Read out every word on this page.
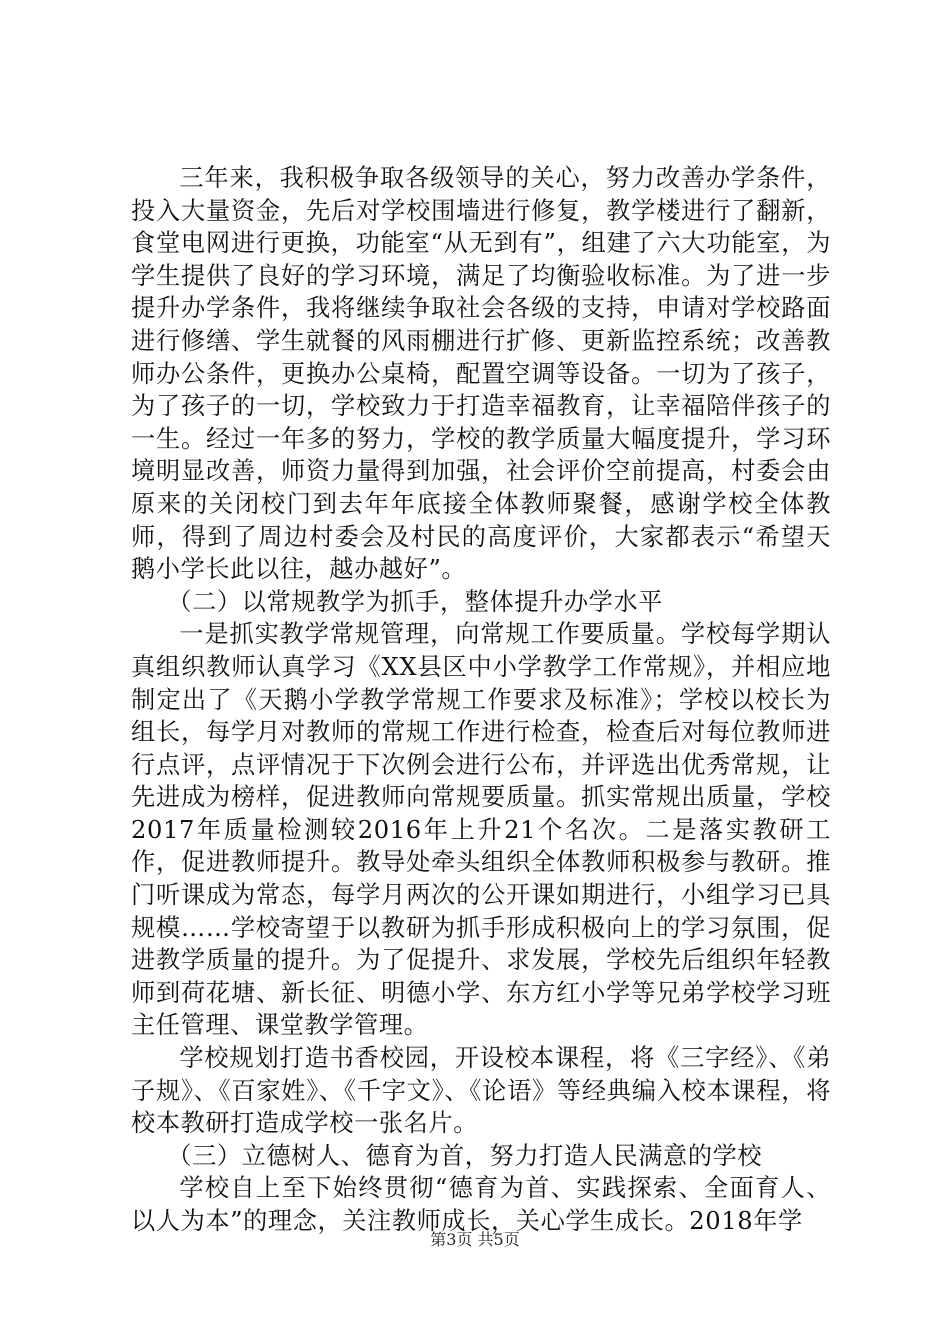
三年来，我积极争取各级领导的关心，努力改善办学条件，投入大量资金，先后对学校围墙进行修复，教学楼进行了翻新，食堂电网进行更换，功能室“从无到有”，组建了六大功能室，为学生提供了良好的学习环境，满足了均衡验收标准。为了进一步提升办学条件，我将继续争取社会各级的支持，申请对学校路面进行修缮、学生就餐的风雨棚进行扩修、更新监控系统；改善教师办公条件，更换办公桌椅，配置空调等设备。一切为了孩子，为了孩子的一切，学校致力于打造幸福教育，让幸福陪伴孩子的一生。经过一年多的努力，学校的教学质量大幅度提升，学习环境明显改善，师资力量得到加强，社会评价空前提高，村委会由原来的关闭校门到去年年底接全体教师聚餐，感谢学校全体教师，得到了周边村委会及村民的高度评价，大家都表示“希望天鹅小学长此以往，越办越好”。

（二）以常规教学为抓手，整体提升办学水平

一是抓实教学常规管理，向常规工作要质量。学校每学期认真组织教师认真学习《XX县区中小学教学工作常规》，并相应地制定出了《天鹅小学教学常规工作要求及标准》；学校以校长为组长，每学月对教师的常规工作进行检查，检查后对每位教师进行点评，点评情况于下次例会进行公布，并评选出优秀常规，让先进成为榜样，促进教师向常规要质量。抓实常规出质量，学校2017年质量检测较2016年上升21个名次。二是落实教研工作，促进教师提升。教导处牵头组织全体教师积极参与教研。推门听课成为常态，每学月两次的公开课如期进行，小组学习已具规模……学校寄望于以教研为抓手形成积极向上的学习氛围，促进教学质量的提升。为了促提升、求发展，学校先后组织年轻教师到荷花塘、新长征、明德小学、东方红小学等兄弟学校学习班主任管理、课堂教学管理。

学校规划打造书香校园，开设校本课程，将《三字经》、《弟子规》、《百家姓》、《千字文》、《论语》等经典编入校本课程，将校本教研打造成学校一张名片。

（三）立德树人、德育为首，努力打造人民满意的学校

学校自上至下始终贯彻“德育为首、实践探索、全面育人、以人为本”的理念，关注教师成长，关心学生成长。2018年学

第3页 共5页
